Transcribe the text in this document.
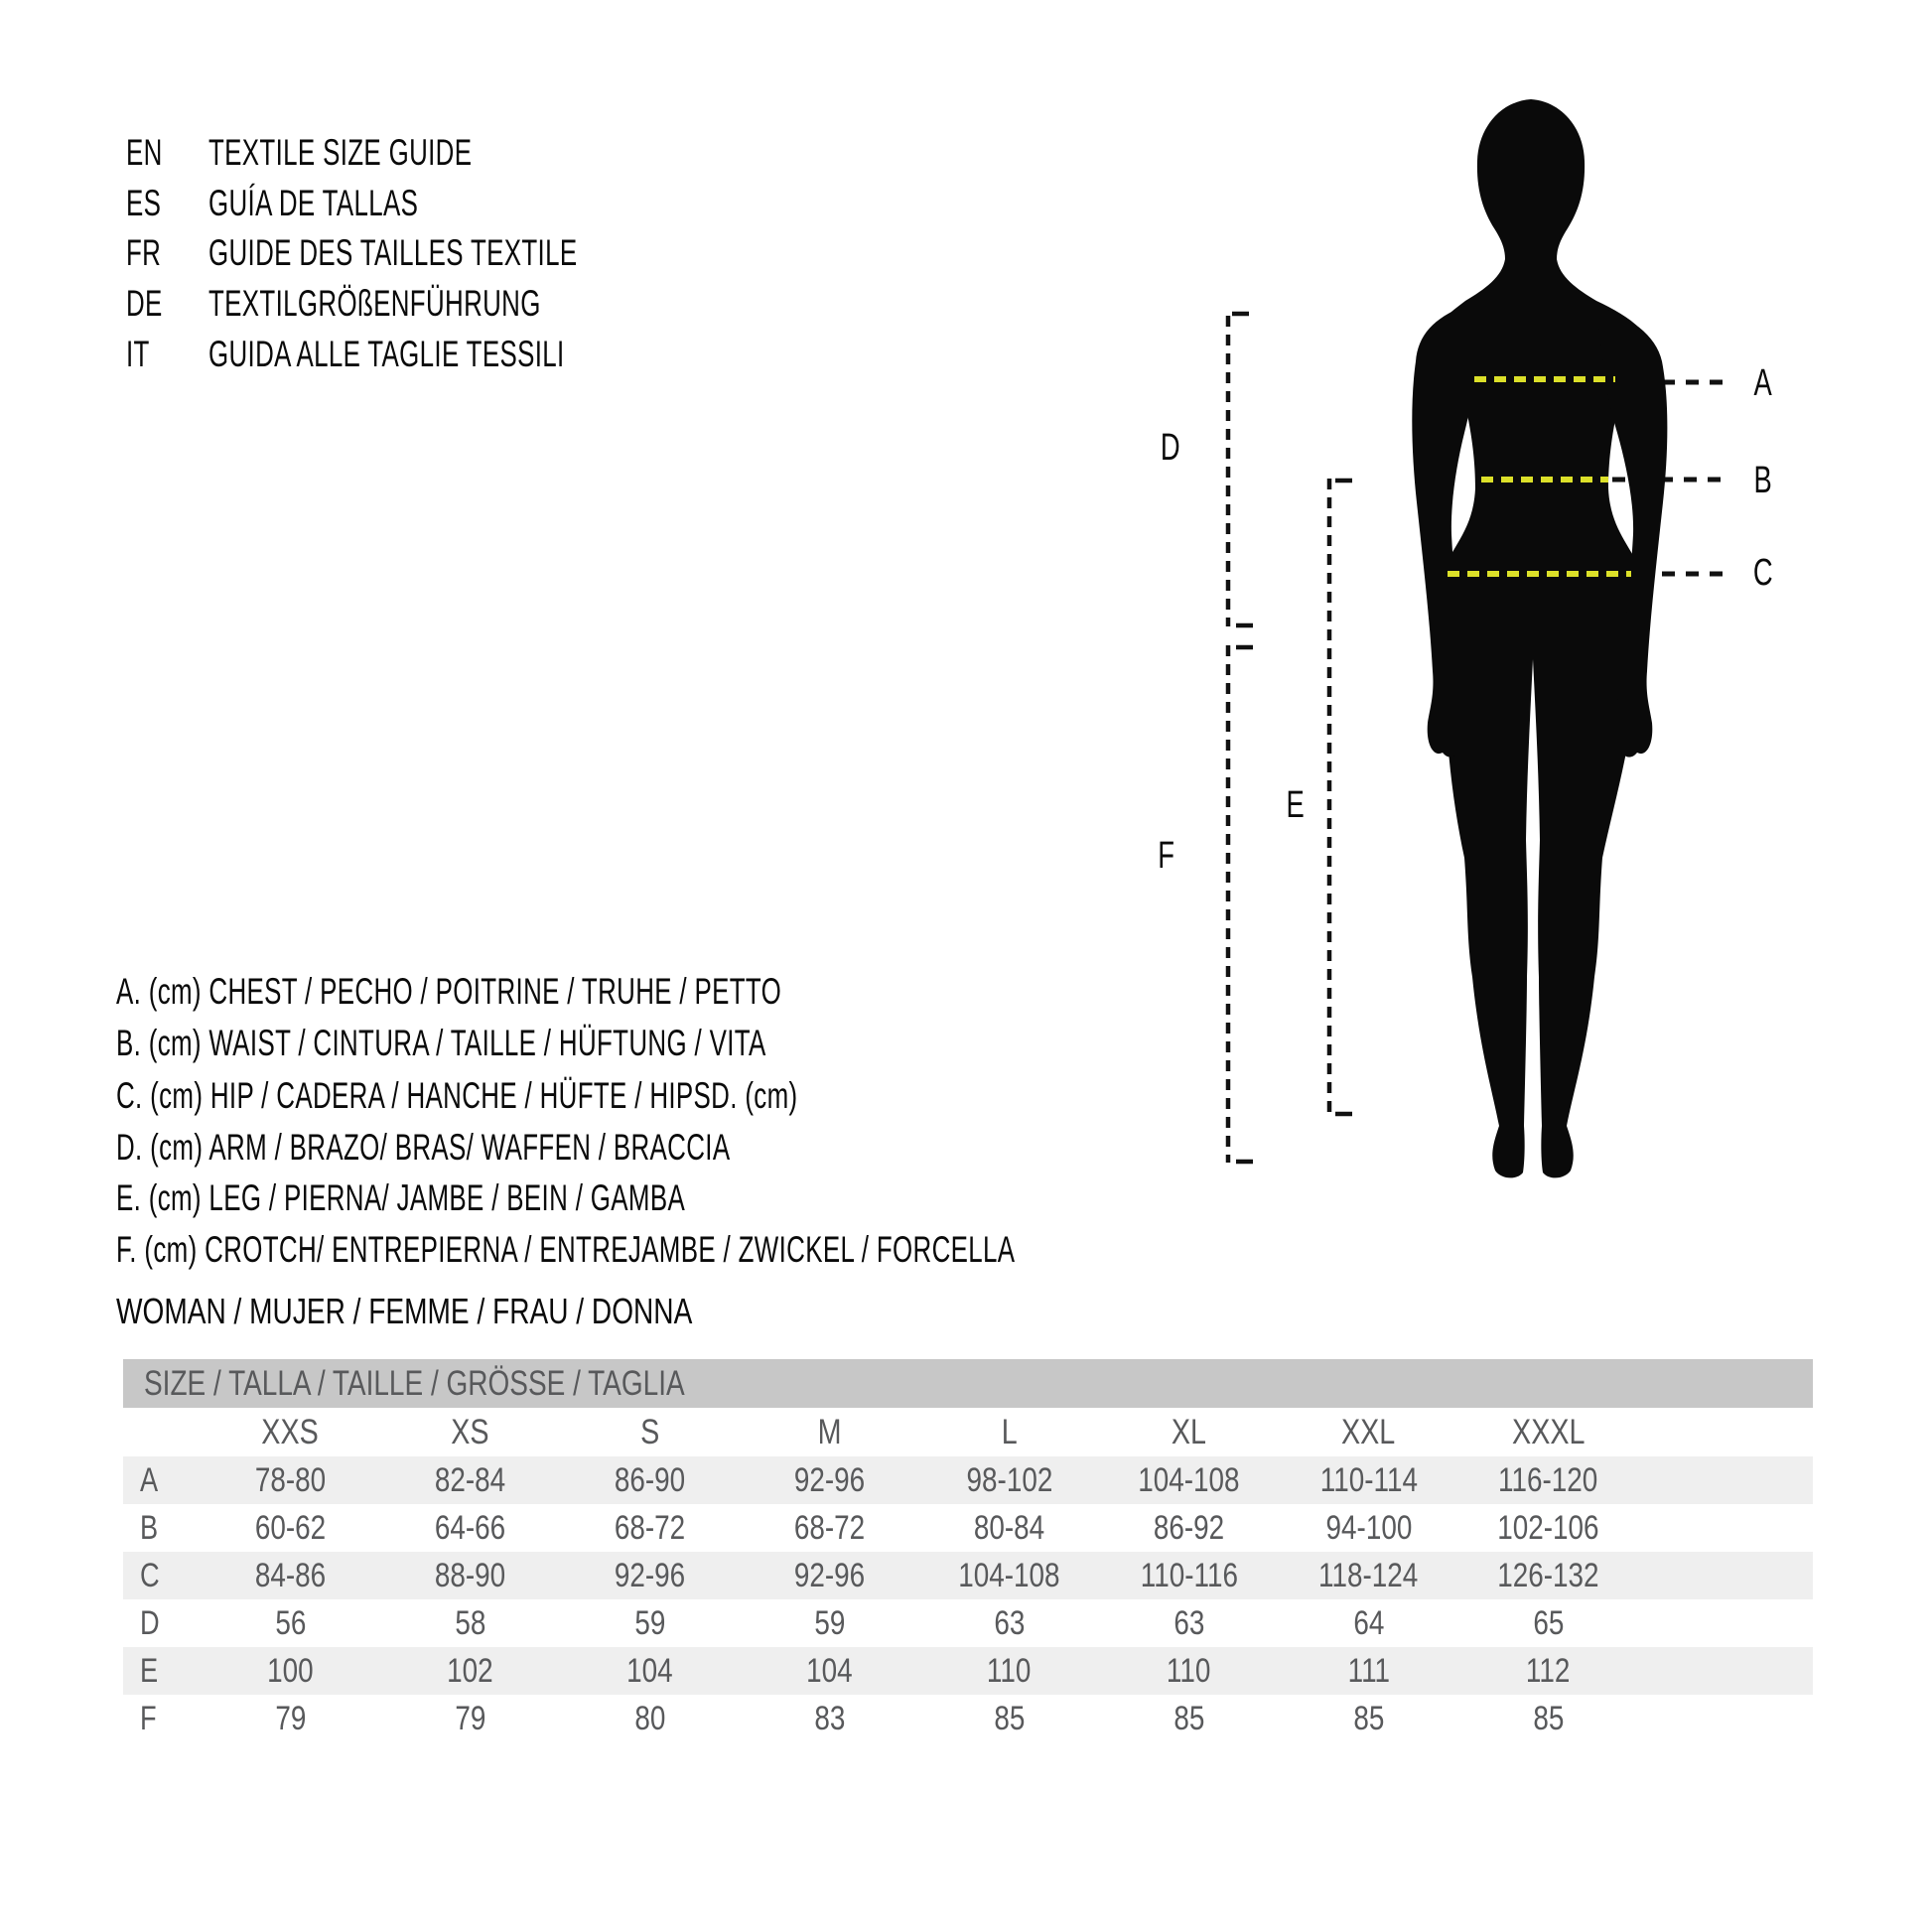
EN	TEXTILE SIZE GUIDE
ES	GUÍA DE TALLAS
FR	GUIDE DES TAILLES TEXTILE
DE	TEXTILGRÖßENFÜHRUNG
IT GUIDA ALLE TAGLIE TESSILI
A
B
C
D
E
F
A. (cm) CHEST / PECHO / POITRINE / TRUHE / PETTO
B. (cm) WAIST / CINTURA / TAILLE / HÜFTUNG / VITA
C. (cm) HIP / CADERA / HANCHE / HÜFTE / HIPSD. (cm)
D. (cm) ARM / BRAZO/ BRAS/ WAFFEN / BRACCIA
E. (cm) LEG / PIERNA/ JAMBE / BEIN / GAMBA
F. (cm) CROTCH/ ENTREPIERNA / ENTREJAMBE / ZWICKEL / FORCELLA
WOMAN / MUJER / FEMME / FRAU / DONNA
SIZE / TALLA / TAILLE / GRÖSSE / TAGLIA
XXS	XS	S	M	L	XL	XXL	XXXL
A	78-80	82-84	86-90	92-96	98-102	104-108	110-114	116-120
B	60-62	64-66	68-72	68-72	80-84	86-92	94-100	102-106
C	84-86	88-90	92-96	92-96	104-108	110-116	118-124	126-132
D	56	58	59	59	63	63	64	65
E	100	102	104	104	110	110	111	112
F	79	79	80	83	85	85	85	85
